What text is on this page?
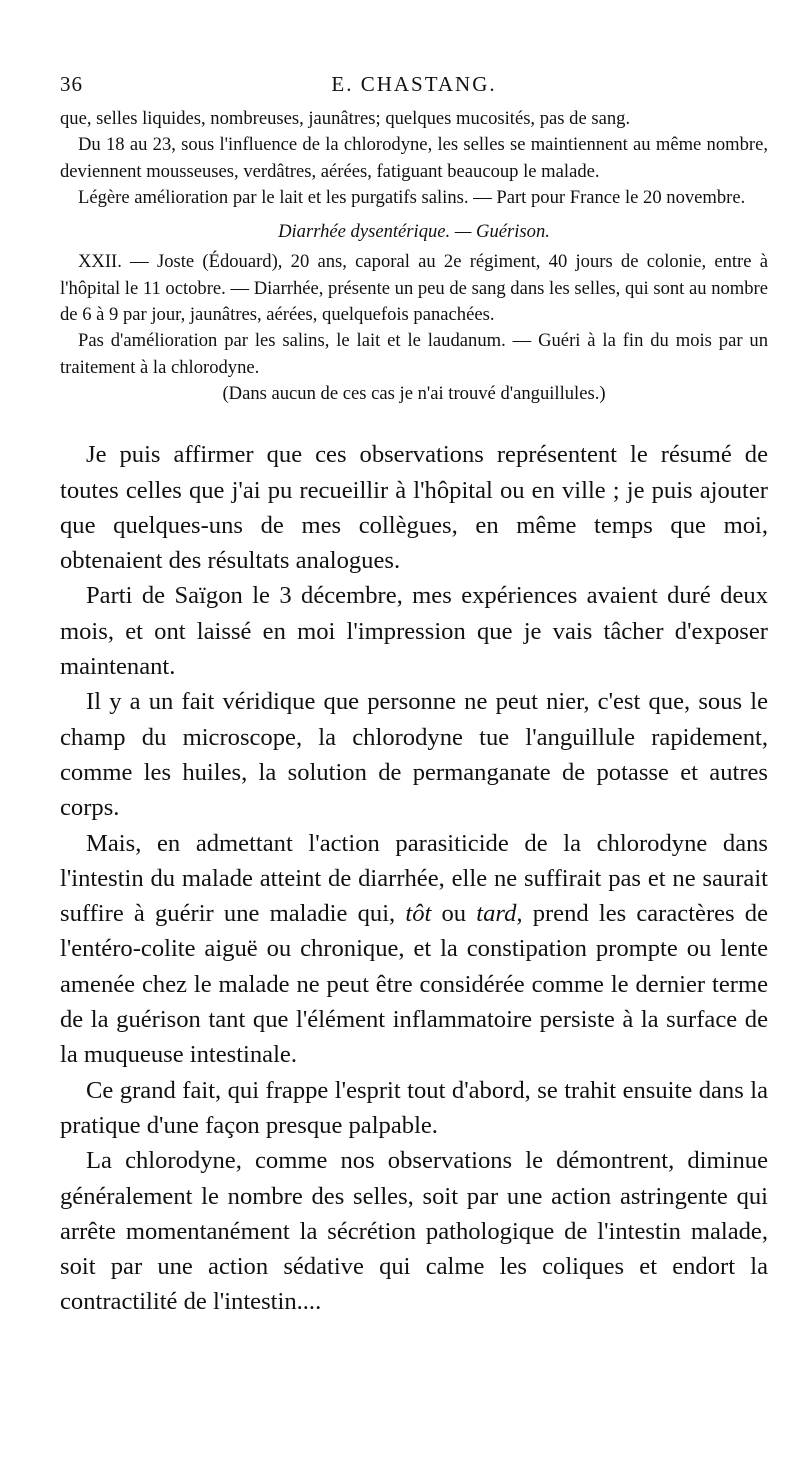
36	E. CHASTANG.

que, selles liquides, nombreuses, jaunâtres; quelques mucosités, pas de sang.

Du 18 au 23, sous l'influence de la chlorodyne, les selles se maintiennent au même nombre, deviennent mousseuses, verdâtres, aérées, fatiguant beaucoup le malade.

Légère amélioration par le lait et les purgatifs salins. — Part pour France le 20 novembre.

Diarrhée dysentérique. — Guérison.

XXII. — Joste (Édouard), 20 ans, caporal au 2e régiment, 40 jours de colonie, entre à l'hôpital le 11 octobre. — Diarrhée, présente un peu de sang dans les selles, qui sont au nombre de 6 à 9 par jour, jaunâtres, aérées, quelquefois panachées.

Pas d'amélioration par les salins, le lait et le laudanum. — Guéri à la fin du mois par un traitement à la chlorodyne.

(Dans aucun de ces cas je n'ai trouvé d'anguillules.)

Je puis affirmer que ces observations représentent le résumé de toutes celles que j'ai pu recueillir à l'hôpital ou en ville ; je puis ajouter que quelques-uns de mes collègues, en même temps que moi, obtenaient des résultats analogues.

Parti de Saïgon le 3 décembre, mes expériences avaient duré deux mois, et ont laissé en moi l'impression que je vais tâcher d'exposer maintenant.

Il y a un fait véridique que personne ne peut nier, c'est que, sous le champ du microscope, la chlorodyne tue l'anguillule rapidement, comme les huiles, la solution de permanganate de potasse et autres corps.

Mais, en admettant l'action parasiticide de la chlorodyne dans l'intestin du malade atteint de diarrhée, elle ne suffirait pas et ne saurait suffire à guérir une maladie qui, tôt ou tard, prend les caractères de l'entéro-colite aiguë ou chronique, et la constipation prompte ou lente amenée chez le malade ne peut être considérée comme le dernier terme de la guérison tant que l'élément inflammatoire persiste à la surface de la muqueuse intestinale.

Ce grand fait, qui frappe l'esprit tout d'abord, se trahit ensuite dans la pratique d'une façon presque palpable.

La chlorodyne, comme nos observations le démontrent, diminue généralement le nombre des selles, soit par une action astringente qui arrête momentanément la sécrétion pathologique de l'intestin malade, soit par une action sédative qui calme les coliques et endort la contractilité de l'intestin....
